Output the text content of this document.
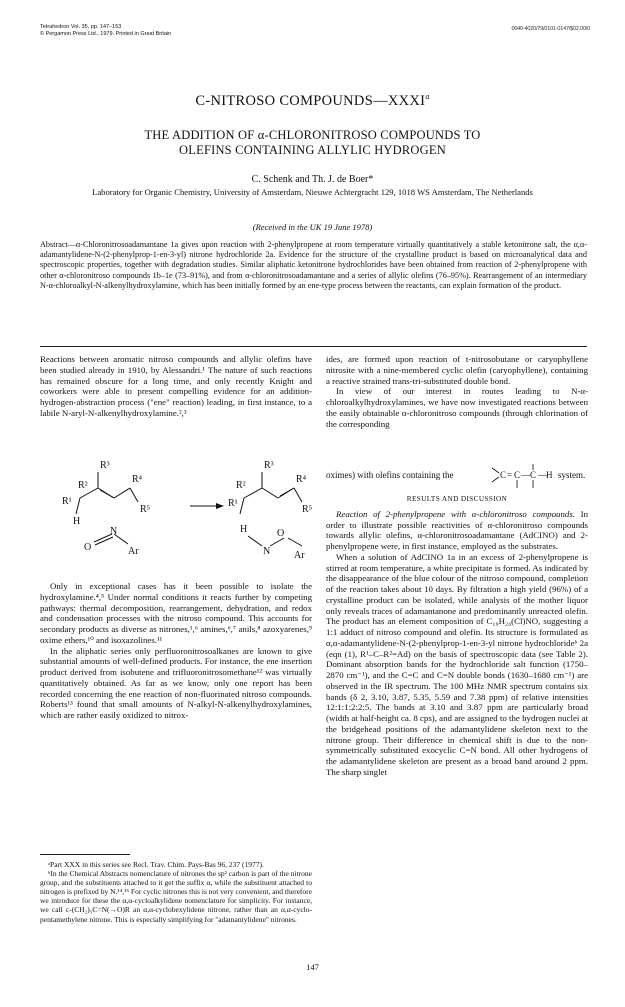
Tetrahedron Vol. 35, pp. 147–153
© Pergamon Press Ltd., 1979. Printed in Great Britain
0040-4020/79/0101-0147/$02.00/0
C-NITROSO COMPOUNDS—XXXI$^a$
THE ADDITION OF α-CHLORONITROSO COMPOUNDS TO OLEFINS CONTAINING ALLYLIC HYDROGEN
C. Schenk and Th. J. de Boer*
Laboratory for Organic Chemistry, University of Amsterdam, Nieuwe Achtergracht 129, 1018 WS Amsterdam, The Netherlands
(Received in the UK 19 June 1978)
Abstract—α-Chloronitrosoadamantane 1a gives upon reaction with 2-phenylpropene at room temperature virtually quantitatively a stable ketonitrone salt, the α,α-adamantylidene-N-(2-phenylprop-1-en-3-yl) nitrone hydrochloride 2a. Evidence for the structure of the crystalline product is based on microanalytical data and spectroscopic properties, together with degradation studies. Similar aliphatic ketonitrone hydrochlorides have been obtained from reaction of 2-phenylpropene with other α-chloronitroso compounds 1b–1e (73–91%), and from α-chloronitrosoadamantane and a series of allylic olefins (76–95%). Rearrangement of an intermediary N-α-chloroalkyl-N-alkenylhydroxylamine, which has been initially formed by an ene-type process between the reactants, can explain formation of the product.

Reactions between aromatic nitroso compounds and allylic olefins have been studied already in 1910, by Alessandri.¹ The nature of such reactions has remained obscure for a long time, and only recently Knight and coworkers were able to present compelling evidence for an addition-hydrogen-abstraction process ("ene" reaction) leading, in first instance, to a labile N-aryl-N-alkenylhydroxylamine.²,³

R¹
R²
R³
R⁴
R⁵
H
O
N
Ar
R¹
R²
R³
R⁴
R⁵
H
N
O
Ar

Only in exceptional cases has it been possible to isolate the hydroxylamine.⁴,⁵ Under normal conditions it reacts further by competing pathways: thermal decomposition, rearrangement, dehydration, and redox and condensation processes with the nitroso compound. This accounts for secondary products as diverse as nitrones,¹,⁶ amines,⁶,⁷ anils,⁸ azoxyarenes,⁹ oxime ethers,¹⁰ and isoxazolines.¹¹

In the aliphatic series only perfluoronitrosoalkanes are known to give substantial amounts of well-defined products. For instance, the ene insertion product derived from isobutene and trifluoronitrosomethane¹² was virtually quantitatively obtained. As far as we know, only one report has been recorded concerning the ene reaction of non-fluorinated nitroso compounds. Roberts¹³ found that small amounts of N-alkyl-N-alkenylhydroxylamines, which are rather easily oxidized to nitrox-

ᵃPart XXX in this series see Recl. Trav. Chim. Pays-Bas 96, 237 (1977).

ᵇIn the Chemical Abstracts nomenclature of nitrones the sp² carbon is part of the nitrone group, and the substituents attached to it get the suffix α, while the substituent attached to nitrogen is prefixed by N.¹⁴,¹⁵ For cyclic nitrones this is not very convenient, and therefore we introduce for these the α,α-cycloalkylidene nomenclature for simplicity. For instance, we call c-(CH₂)₅C=N(→O)R an α,α-cyclobexylidene nitrone, rather than an α,α-cyclo-pentamethylene nitrone. This is especially simplifying for "adamantylidene" nitrones.

ides, are formed upon reaction of t-nitrosobutane or caryophyllene nitrosite with a nine-membered cyclic olefin (caryophyllene), containing a reactive strained trans-tri-substituted double bond.

In view of our interest in routes leading to N-α-chloroalkylhydroxylamines, we have now investigated reactions between the easily obtainable α-chloronitroso compounds (through chlorination of the corresponding

oximes) with olefins containing the	C = C — C — H system.
RESULTS AND DISCUSSION

Reaction of 2-phenylpropene with α-chloronitroso compounds. In order to illustrate possible reactivities of α-chloronitroso compounds towards allylic olefins, α-chloronitrosoadamantane (AdCINO) and 2-phenylpropene were, in first instance, employed as the substrates.

When a solution of AdCINO 1a in an excess of 2-phenylpropene is stirred at room temperature, a white precipitate is formed. As indicated by the disappearance of the blue colour of the nitroso compound, completion of the reaction takes about 10 days. By filtration a high yield (96%) of a crystalline product can be isolated, while analysis of the mother liquor only reveals traces of adamantanone and predominantly unreacted olefin. The product has an element composition of C₁₉H₂₄(Cl)NO, suggesting a 1:1 adduct of nitroso compound and olefin. Its structure is formulated as α,α-adamantylidene-N-(2-phenylprop-1-en-3-yl nitrone hydrochlorideᵇ 2a (eqn (1), R¹–C–R²=Ad) on the basis of spectroscopic data (see Table 2). Dominant absorption bands for the hydrochloride salt function (1750–2870 cm⁻¹), and the C=C and C=N double bonds (1630–1680 cm⁻¹) are observed in the IR spectrum. The 100 MHz NMR spectrum contains six bands (δ 2, 3.10, 3.87, 5.35, 5.59 and 7.38 ppm) of relative intensities 12:1:1:2:2:5. The bands at 3.10 and 3.87 ppm are particularly broad (width at half-height ca. 8 cps), and are assigned to the hydrogen nuclei at the bridgehead positions of the adamantylidene skeleton next to the nitrone group. Their difference in chemical shift is due to the non-symmetrically substituted exocyclic C=N bond. All other hydrogens of the adamantylidene skeleton are present as a broad band around 2 ppm. The sharp singlet

147
